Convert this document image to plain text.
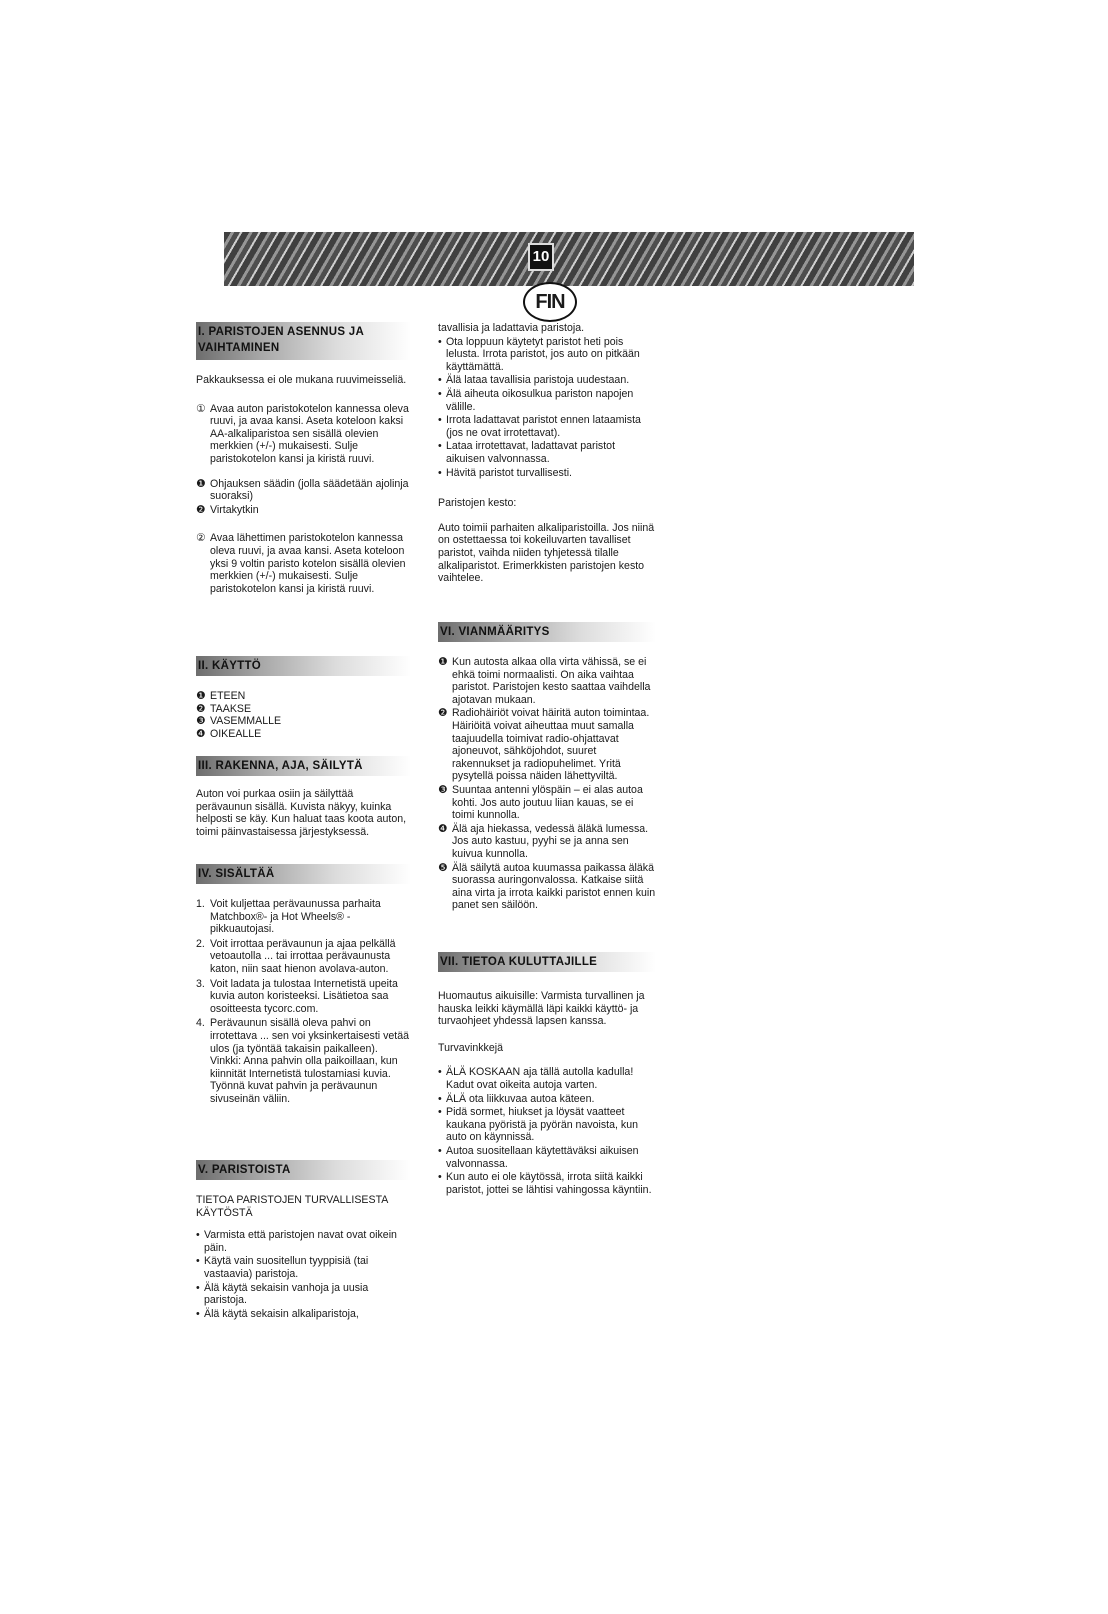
10
FIN
I. PARISTOJEN ASENNUS JA VAIHTAMINEN

Pakkauksessa ei ole mukana ruuvimeisseliä.

① Avaa auton paristokotelon kannessa oleva ruuvi, ja avaa kansi. Aseta koteloon kaksi AA-alkaliparistoa sen sisällä olevien merkkien (+/-) mukaisesti. Sulje paristokotelon kansi ja kiristä ruuvi.
❶ Ohjauksen säädin (jolla säädetään ajolinja suoraksi)
❷ Virtakytkin
② Avaa lähettimen paristokotelon kannessa oleva ruuvi, ja avaa kansi. Aseta koteloon yksi 9 voltin paristo kotelon sisällä olevien merkkien (+/-) mukaisesti. Sulje paristokotelon kansi ja kiristä ruuvi.
II. KÄYTTÖ
❶ ETEEN
❷ TAAKSE
❸ VASEMMALLE
❹ OIKEALLE
III. RAKENNA, AJA, SÄILYTÄ

Auton voi purkaa osiin ja säilyttää perävaunun sisällä. Kuvista näkyy, kuinka helposti se käy. Kun haluat taas koota auton, toimi päinvastaisessa järjestyksessä.

IV. SISÄLTÄÄ
1. Voit kuljettaa perävaunussa parhaita Matchbox®- ja Hot Wheels® -pikkuautojasi.
2. Voit irrottaa perävaunun ja ajaa pelkällä vetoautolla ... tai irrottaa perävaunusta katon, niin saat hienon avolava-auton.
3. Voit ladata ja tulostaa Internetistä upeita kuvia auton koristeeksi. Lisätietoa saa osoitteesta tycorc.com.
4. Perävaunun sisällä oleva pahvi on irrotettava ... sen voi yksinkertaisesti vetää ulos (ja työntää takaisin paikalleen). Vinkki: Anna pahvin olla paikoillaan, kun kiinnität Internetistä tulostamiasi kuvia. Työnnä kuvat pahvin ja perävaunun sivuseinän väliin.
V. PARISTOISTA

TIETOA PARISTOJEN TURVALLISESTA KÄYTÖSTÄ

• Varmista että paristojen navat ovat oikein päin.
• Käytä vain suositellun tyyppisiä (tai vastaavia) paristoja.
• Älä käytä sekaisin vanhoja ja uusia paristoja.
• Älä käytä sekaisin alkaliparistoja,

tavallisia ja ladattavia paristoja.

• Ota loppuun käytetyt paristot heti pois lelusta. Irrota paristot, jos auto on pitkään käyttämättä.
• Älä lataa tavallisia paristoja uudestaan.
• Älä aiheuta oikosulkua pariston napojen välille.
• Irrota ladattavat paristot ennen lataamista (jos ne ovat irrotettavat).
• Lataa irrotettavat, ladattavat paristot aikuisen valvonnassa.
• Hävitä paristot turvallisesti.

Paristojen kesto:

Auto toimii parhaiten alkaliparistoilla. Jos niinä on ostettaessa toi kokeiluvarten tavalliset paristot, vaihda niiden tyhjetessä tilalle alkaliparistot. Erimerkkisten paristojen kesto vaihtelee.

VI. VIANMÄÄRITYS
❶ Kun autosta alkaa olla virta vähissä, se ei ehkä toimi normaalisti. On aika vaihtaa paristot. Paristojen kesto saattaa vaihdella ajotavan mukaan.
❷ Radiohäiriöt voivat häiritä auton toimintaa. Häiriöitä voivat aiheuttaa muut samalla taajuudella toimivat radio-ohjattavat ajoneuvot, sähköjohdot, suuret rakennukset ja radiopuhelimet. Yritä pysytellä poissa näiden lähettyviltä.
❸ Suuntaa antenni ylöspäin – ei alas autoa kohti. Jos auto joutuu liian kauas, se ei toimi kunnolla.
❹ Älä aja hiekassa, vedessä äläkä lumessa. Jos auto kastuu, pyyhi se ja anna sen kuivua kunnolla.
❺ Älä säilytä autoa kuumassa paikassa äläkä suorassa auringonvalossa. Katkaise siitä aina virta ja irrota kaikki paristot ennen kuin panet sen säilöön.
VII. TIETOA KULUTTAJILLE

Huomautus aikuisille: Varmista turvallinen ja hauska leikki käymällä läpi kaikki käyttö- ja turvaohjeet yhdessä lapsen kanssa.

Turvavinkkejä

• ÄLÄ KOSKAAN aja tällä autolla kadulla! Kadut ovat oikeita autoja varten.
• ÄLÄ ota liikkuvaa autoa käteen.
• Pidä sormet, hiukset ja löysät vaatteet kaukana pyöristä ja pyörän navoista, kun auto on käynnissä.
• Autoa suositellaan käytettäväksi aikuisen valvonnassa.
• Kun auto ei ole käytössä, irrota siitä kaikki paristot, jottei se lähtisi vahingossa käyntiin.
